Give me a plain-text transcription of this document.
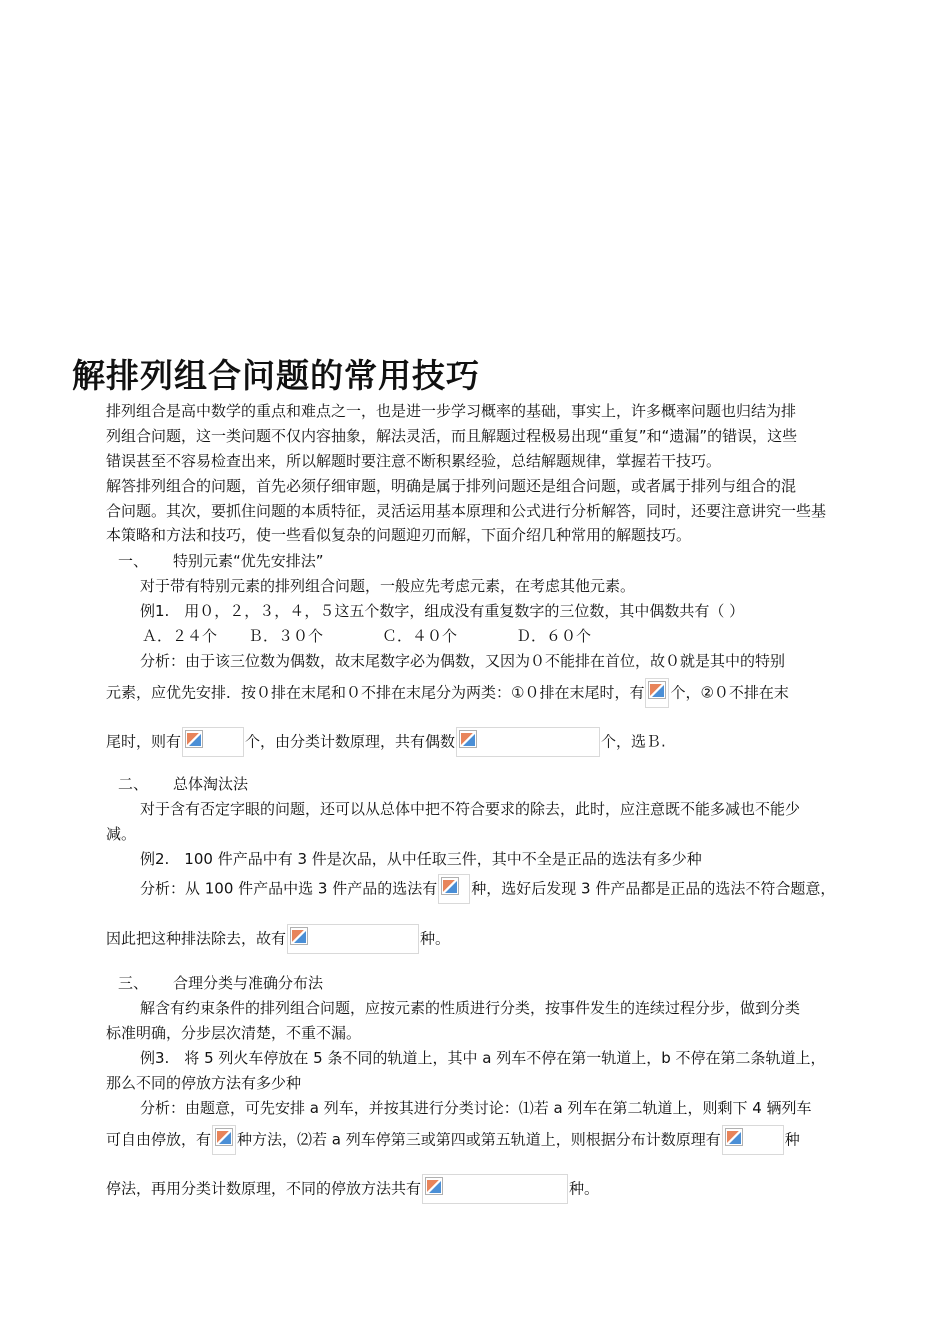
解排列组合问题的常用技巧
排列组合是高中数学的重点和难点之一，也是进一步学习概率的基础，事实上，许多概率问题也归结为排
列组合问题，这一类问题不仅内容抽象，解法灵活，而且解题过程极易出现“重复”和“遗漏”的错误，这些
错误甚至不容易检查出来，所以解题时要注意不断积累经验，总结解题规律，掌握若干技巧。
解答排列组合的问题，首先必须仔细审题，明确是属于排列问题还是组合问题，或者属于排列与组合的混
合问题。其次，要抓住问题的本质特征，灵活运用基本原理和公式进行分析解答，同时，还要注意讲究一些基
本策略和方法和技巧，使一些看似复杂的问题迎刃而解，下面介绍几种常用的解题技巧。
一、 特别元素“优先安排法”
对于带有特别元素的排列组合问题，一般应先考虑元素，在考虑其他元素。
例1.　用０，２，３，４，５这五个数字，组成没有重复数字的三位数，其中偶数共有（ ）
Ａ．２４个 Ｂ．３０个	Ｃ．４０个	Ｄ．６０个
分析：由于该三位数为偶数，故末尾数字必为偶数，又因为０不能排在首位，故０就是其中的特别
元素，应优先安排．按０排在末尾和０不排在末尾分为两类：①０排在末尾时，有 个，②０不排在末
尾时，则有	个，由分类计数原理，共有偶数	个，选Ｂ.
二、 总体淘汰法
对于含有否定字眼的问题，还可以从总体中把不符合要求的除去，此时，应注意既不能多减也不能少
减。
例2.　100 件产品中有 3 件是次品，从中任取三件，其中不全是正品的选法有多少种
分析：从 100 件产品中选 3 件产品的选法有 种，选好后发现 3 件产品都是正品的选法不符合题意，
因此把这种排法除去，故有	种。
三、 合理分类与准确分布法
解含有约束条件的排列组合问题，应按元素的性质进行分类，按事件发生的连续过程分步，做到分类
标准明确，分步层次清楚，不重不漏。
例3.　将 5 列火车停放在 5 条不同的轨道上，其中 a 列车不停在第一轨道上，b 不停在第二条轨道上，
那么不同的停放方法有多少种
分析：由题意，可先安排 a 列车，并按其进行分类讨论：⑴若 a 列车在第二轨道上，则剩下 4 辆列车
可自由停放，有 种方法，⑵若 a 列车停第三或第四或第五轨道上，则根据分布计数原理有	种
停法，再用分类计数原理，不同的停放方法共有	种。
